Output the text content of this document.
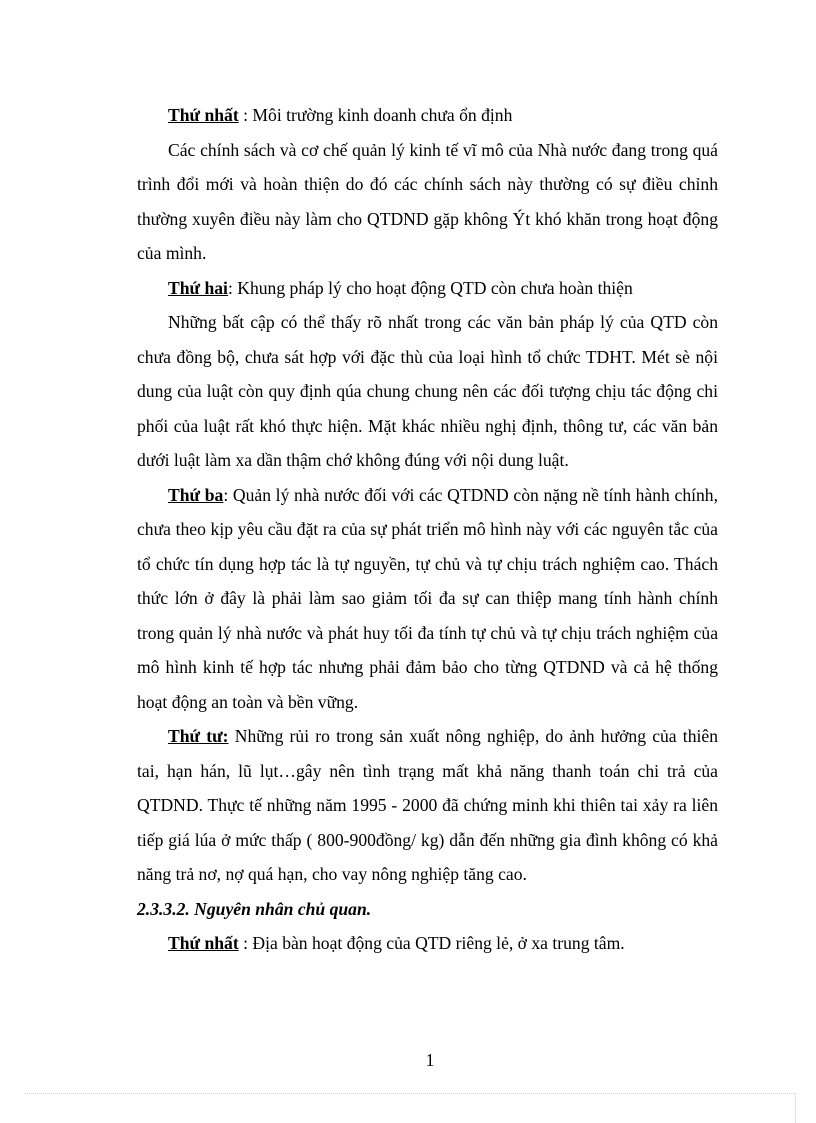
Thứ nhất : Môi trường kinh doanh chưa ổn định

Các chính sách và cơ chế quản lý kinh tế vĩ mô của Nhà nước đang trong quá trình đổi mới và hoàn thiện do đó các chính sách này thường có sự điều chỉnh thường xuyên điều này làm cho QTDND gặp không Ýt khó khăn trong hoạt động của mình.

Thứ hai: Khung pháp lý cho hoạt động QTD còn chưa hoàn thiện

Những bất cập có thể thấy rõ nhất trong các văn bản pháp lý của QTD còn chưa đồng bộ, chưa sát hợp với đặc thù của loại hình tổ chức TDHT. Mét sè nội dung của luật còn quy định qúa chung chung nên các đối tượng chịu tác động chi phối của luật rất khó thực hiện. Mặt khác nhiều nghị định, thông tư, các văn bản dưới luật làm xa dần thậm chớ không đúng với nội dung luật.

Thứ ba: Quản lý nhà nước đối với các QTDND còn nặng nề tính hành chính, chưa theo kịp yêu cầu đặt ra của sự phát triển mô hình này với các nguyên tắc của tổ chức tín dụng hợp tác là tự nguyền, tự chủ và tự chịu trách nghiệm cao. Thách thức lớn ở đây là phải làm sao giảm tối đa sự can thiệp mang tính hành chính trong quản lý nhà nước và phát huy tối đa tính tự chủ và tự chịu trách nghiệm của mô hình kinh tế hợp tác nhưng phải đảm bảo cho từng QTDND và cả hệ thống hoạt động an toàn và bền vững.

Thứ tư: Những rủi ro trong sản xuất nông nghiệp, do ảnh hưởng của thiên tai, hạn hán, lũ lụt…gây nên tình trạng mất khả năng thanh toán chi trả của QTDND. Thực tế những năm 1995 - 2000 đã chứng minh khi thiên tai xảy ra liên tiếp giá lúa ở mức thấp ( 800-900đồng/ kg) dẫn đến những gia đình không có khả năng trả nơ, nợ quá hạn, cho vay nông nghiệp tăng cao.

2.3.3.2. Nguyên nhân chủ quan.

Thứ nhất : Địa bàn hoạt động của QTD riêng lẻ, ở xa trung tâm.

1
